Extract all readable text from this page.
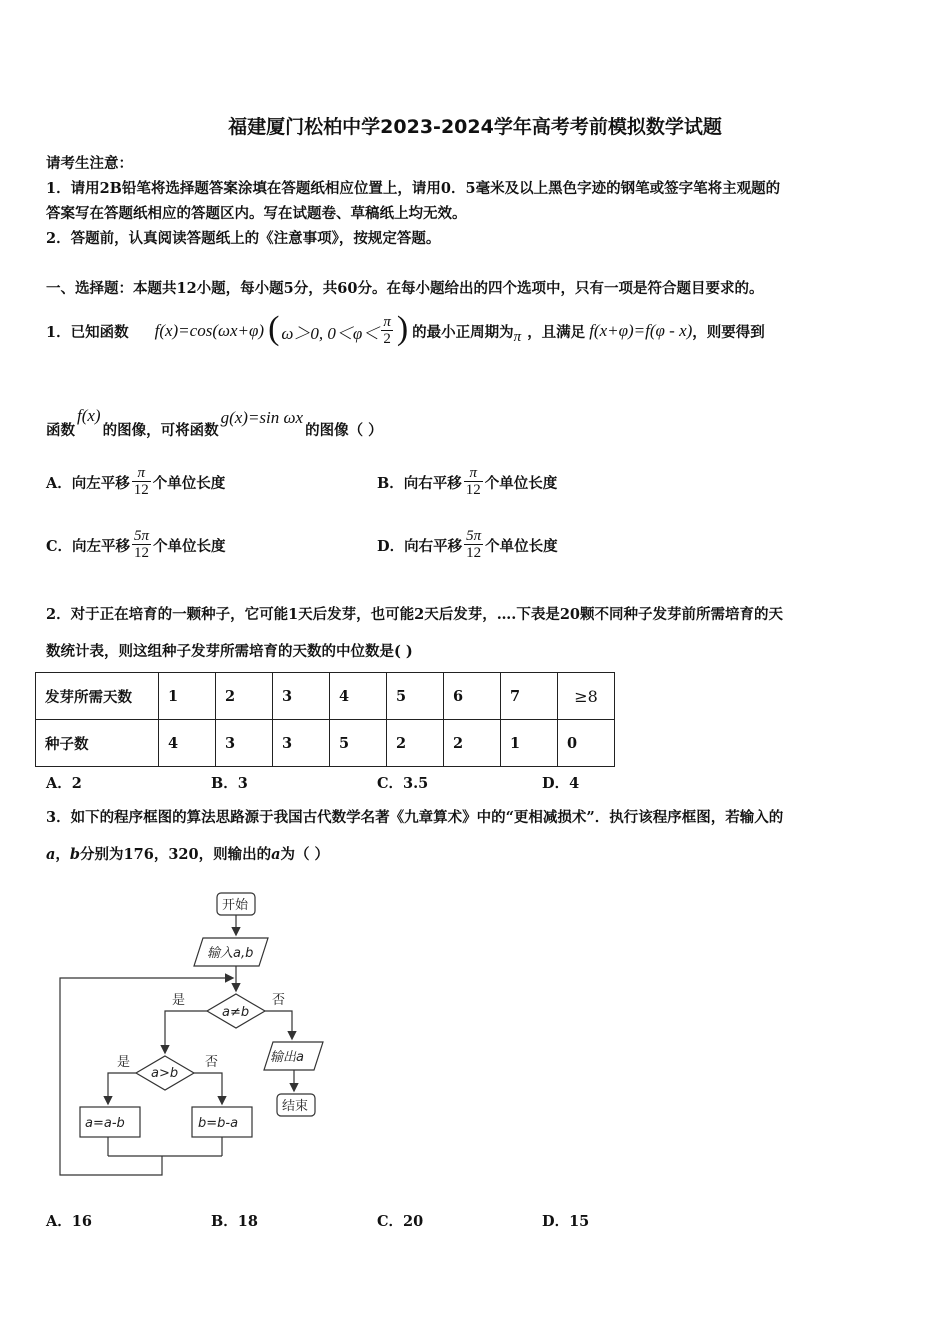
福建厦门松柏中学2023-2024学年高考考前模拟数学试题
请考生注意：
1．请用2B铅笔将选择题答案涂填在答题纸相应位置上，请用0．5毫米及以上黑色字迹的钢笔或签字笔将主观题的
答案写在答题纸相应的答题区内。写在试题卷、草稿纸上均无效。
2．答题前，认真阅读答题纸上的《注意事项》，按规定答题。
一、选择题：本题共12小题，每小题5分，共60分。在每小题给出的四个选项中，只有一项是符合题目要求的。
1．已知函数 f(x)=cos(ωx+φ) ( ω＞0, $0<\varphi< \frac{\pi}{2}$ ) 的最小正周期为 π ，且满足 f(x+φ)=f(φ - x) ，则要得到
函数
f(x)
的图像，可将函数
g(x)=sin ωx
的图像（ ）
A．向左平移 $\frac{\pi}{12}$ 个单位长度	B．向右平移 $\frac{\pi}{12}$ 个单位长度
C．向左平移 $\frac{5\pi}{12}$ 个单位长度	D．向右平移 $\frac{5\pi}{12}$ 个单位长度
2．对于正在培育的一颗种子，它可能1天后发芽，也可能2天后发芽，….下表是20颗不同种子发芽前所需培育的天
数统计表，则这组种子发芽所需培育的天数的中位数是( )
发芽所需天数	1	2	3	4	5	6	7	≥8
种子数	4	3	3	5	2	2	1	0
A．2	B．3	C．3.5	D．4
3．如下的程序框图的算法思路源于我国古代数学名著《九章算术》中的“更相减损术”．执行该程序框图，若输入的
a，b分别为176，320，则输出的a为（ ）
开始
输入a,b
a≠b
是	否
输出a
结束
a>b
是	否
a=a-b	b=b-a
A．16	B．18	C．20	D．15
